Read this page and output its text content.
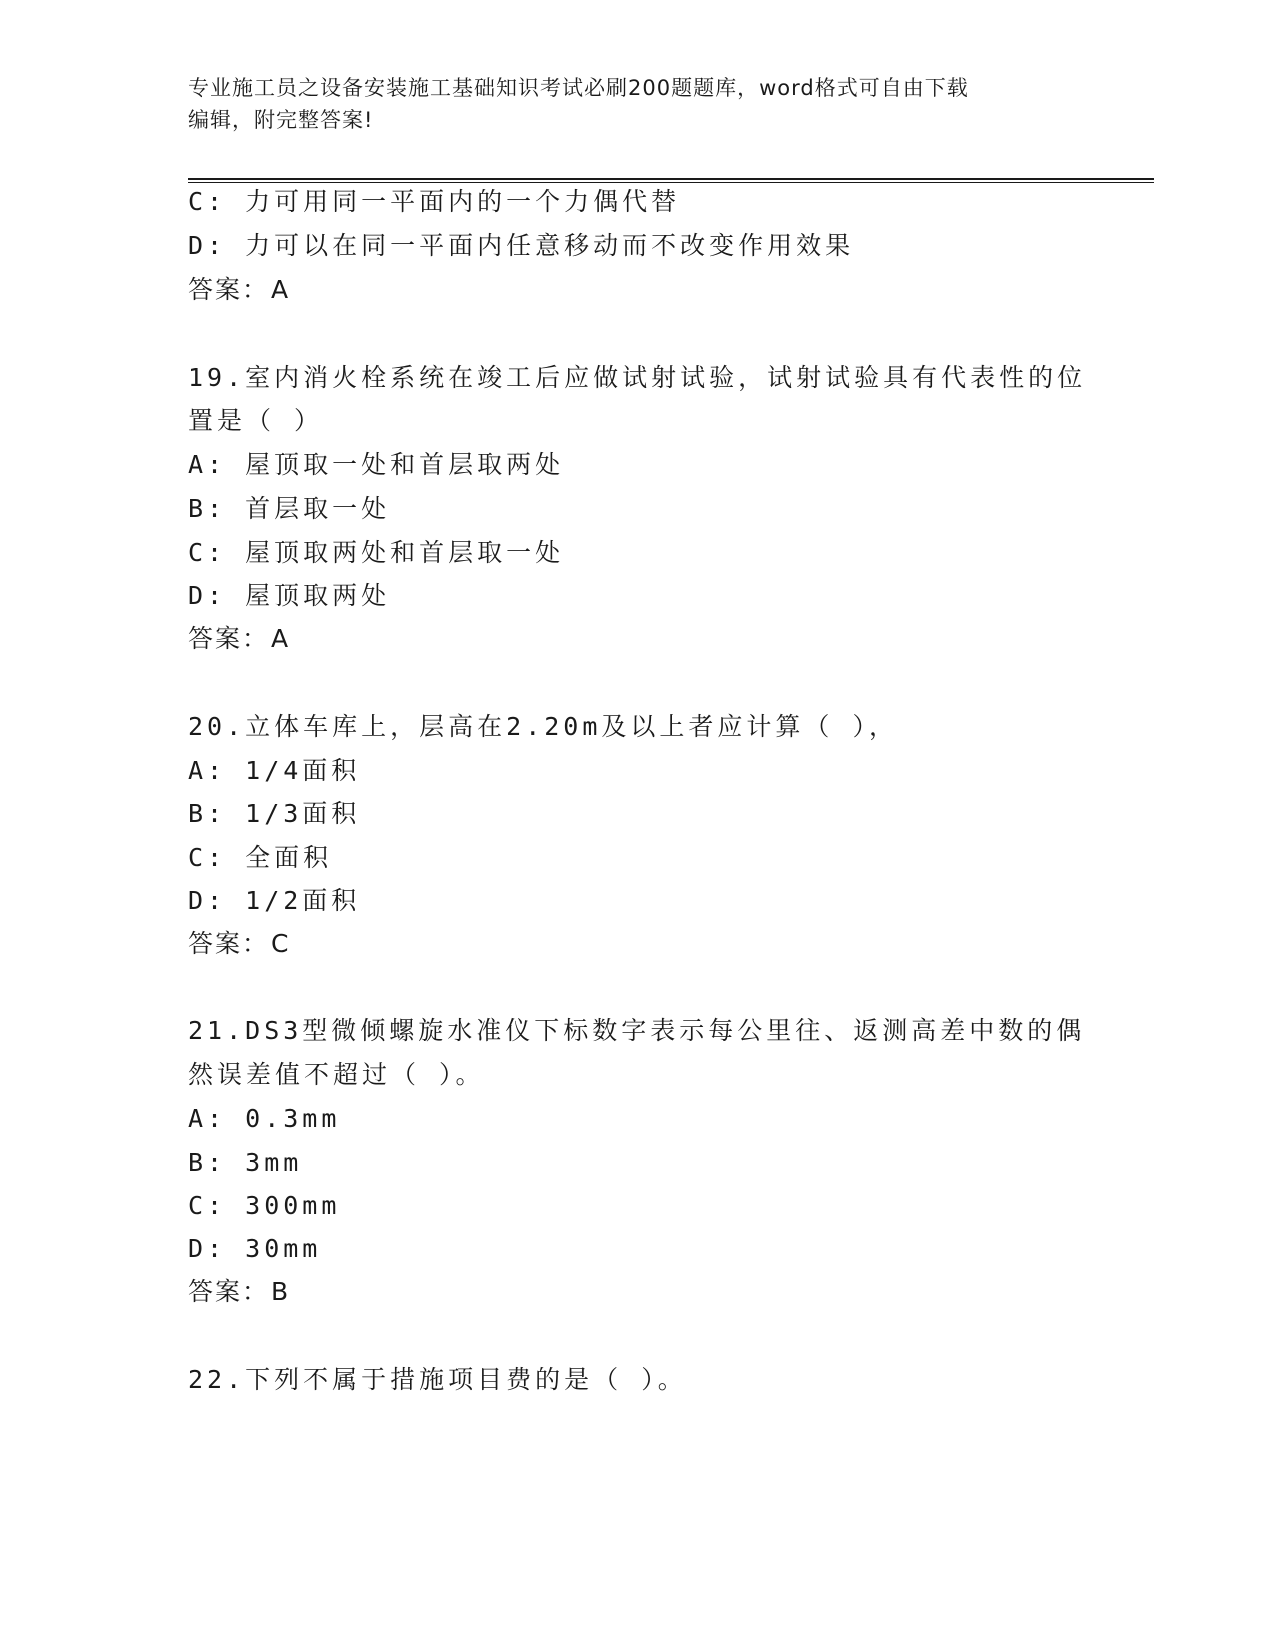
专业施工员之设备安装施工基础知识考试必刷200题题库，word格式可自由下载
编辑，附完整答案!
C: 力可用同一平面内的一个力偶代替
D: 力可以在同一平面内任意移动而不改变作用效果
答案：A
19.室内消火栓系统在竣工后应做试射试验，试射试验具有代表性的位
置是（ ）
A: 屋顶取一处和首层取两处
B: 首层取一处
C: 屋顶取两处和首层取一处
D: 屋顶取两处
答案：A
20.立体车库上，层高在2.20m及以上者应计算（ ），
A: 1/4面积
B: 1/3面积
C: 全面积
D: 1/2面积
答案：C
21.DS3型微倾螺旋水准仪下标数字表示每公里往、返测高差中数的偶
然误差值不超过（ ）。
A: 0.3mm
B: 3mm
C: 300mm
D: 30mm
答案：B
22.下列不属于措施项目费的是（ ）。
